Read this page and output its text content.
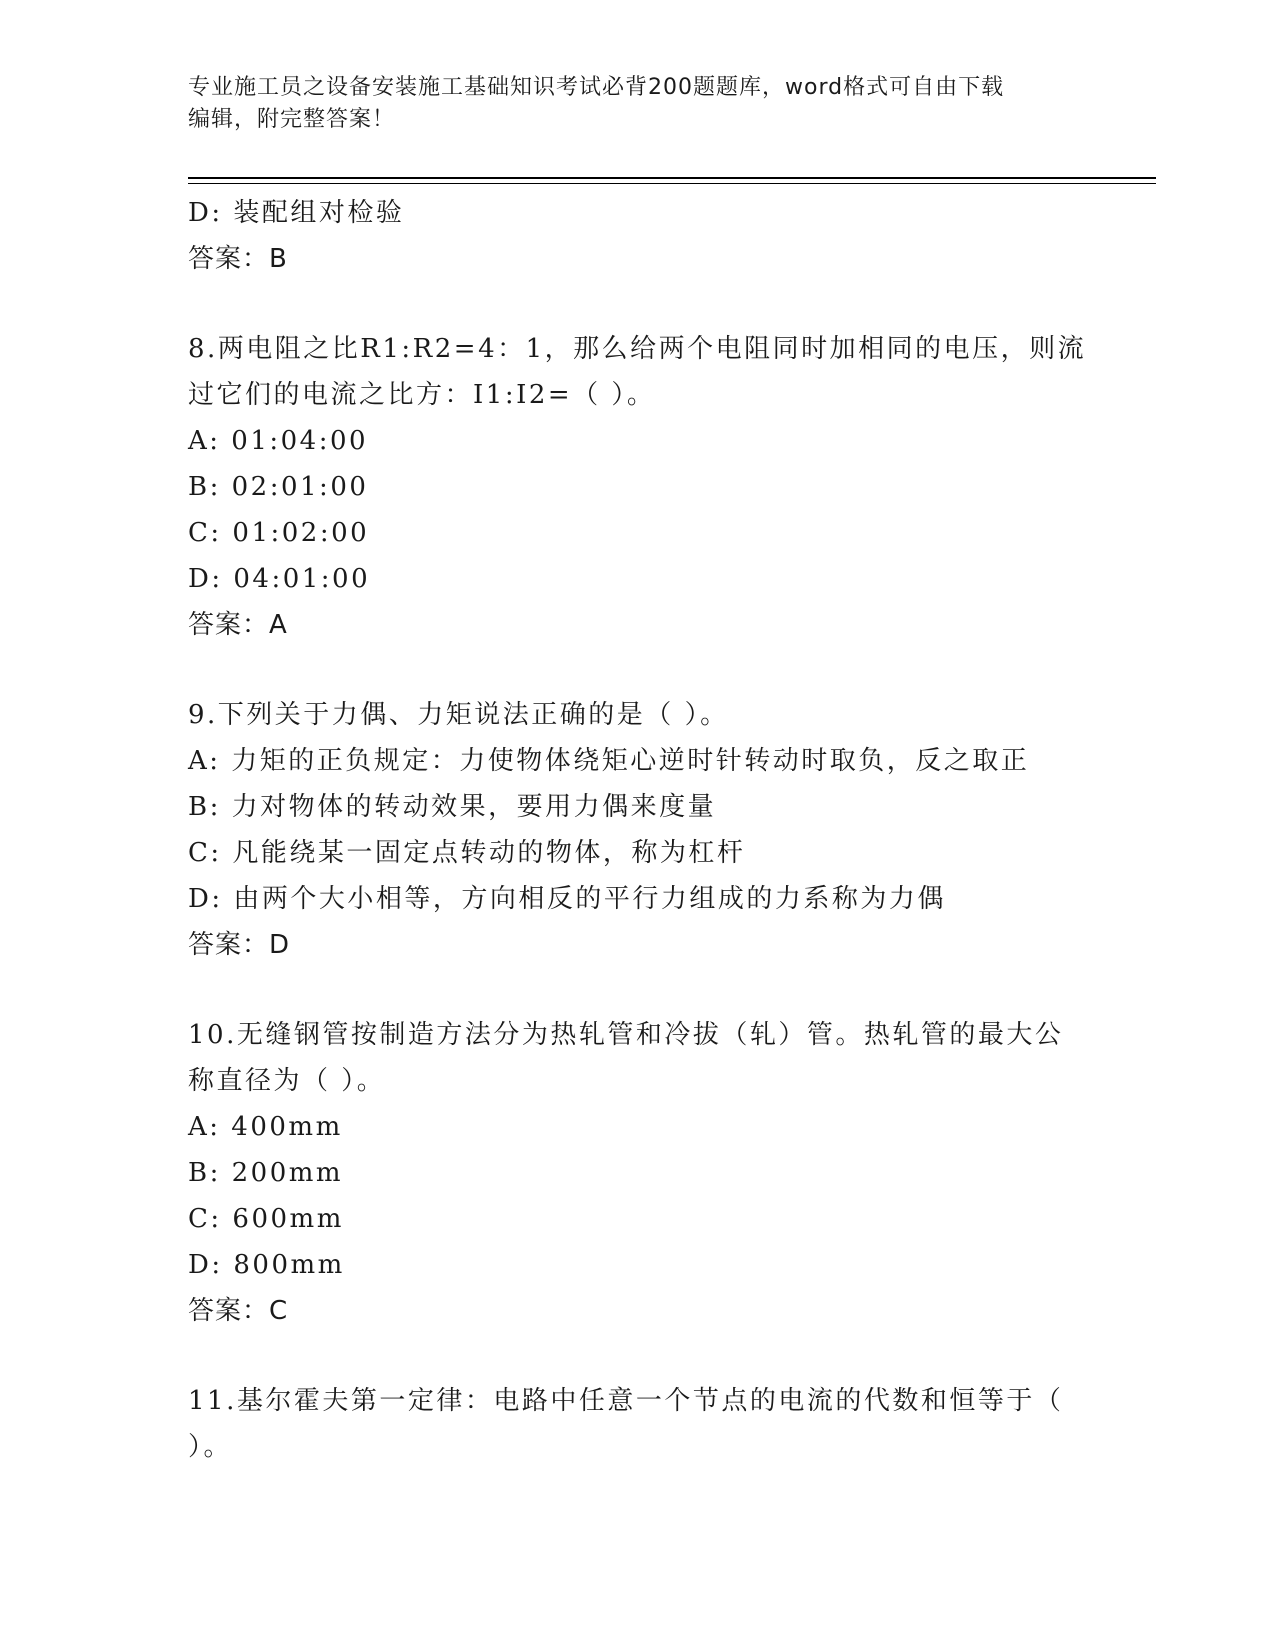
专业施工员之设备安装施工基础知识考试必背200题题库，word格式可自由下载
编辑，附完整答案！
D: 装配组对检验
答案：B
8.两电阻之比R1:R2=4：1，那么给两个电阻同时加相同的电压，则流
过它们的电流之比方：I1:I2=（ ）。
A: 01:04:00
B: 02:01:00
C: 01:02:00
D: 04:01:00
答案：A
9.下列关于力偶、力矩说法正确的是（ ）。
A: 力矩的正负规定：力使物体绕矩心逆时针转动时取负，反之取正
B: 力对物体的转动效果，要用力偶来度量
C: 凡能绕某一固定点转动的物体，称为杠杆
D: 由两个大小相等，方向相反的平行力组成的力系称为力偶
答案：D
10.无缝钢管按制造方法分为热轧管和冷拔（轧）管。热轧管的最大公
称直径为（ ）。
A: 400mm
B: 200mm
C: 600mm
D: 800mm
答案：C
11.基尔霍夫第一定律：电路中任意一个节点的电流的代数和恒等于（
）。
